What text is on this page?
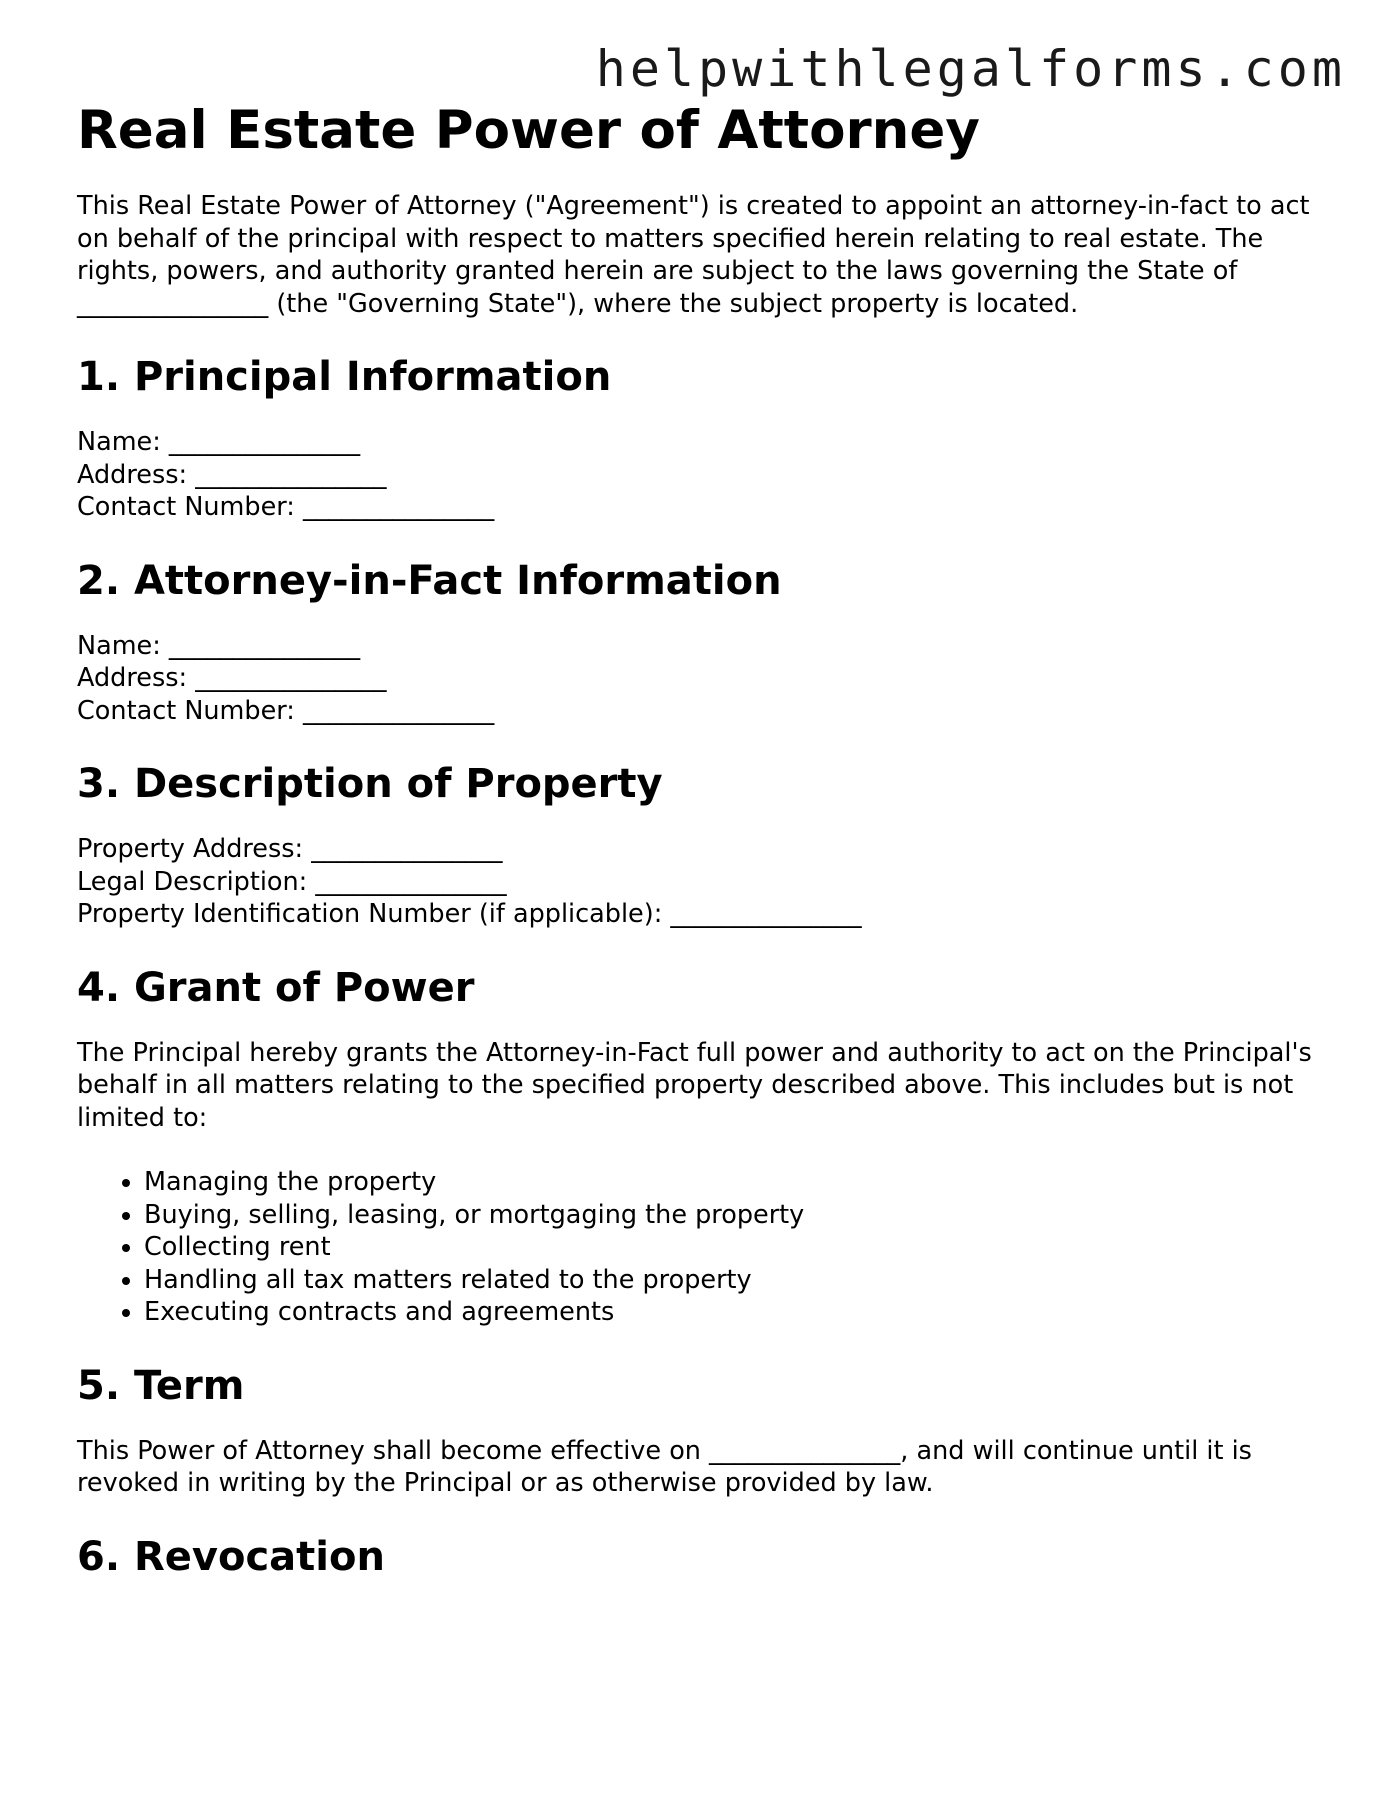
helpwithlegalforms.com
Real Estate Power of Attorney

This Real Estate Power of Attorney ("Agreement") is created to appoint an attorney-in-fact to act on behalf of the principal with respect to matters specified herein relating to real estate. The rights, powers, and authority granted herein are subject to the laws governing the State of _______________ (the "Governing State"), where the subject property is located.

1. Principal Information

Name: _______________
Address: _______________
Contact Number: _______________

2. Attorney-in-Fact Information

Name: _______________
Address: _______________
Contact Number: _______________

3. Description of Property

Property Address: _______________
Legal Description: _______________
Property Identification Number (if applicable): _______________

4. Grant of Power

The Principal hereby grants the Attorney-in-Fact full power and authority to act on the Principal's behalf in all matters relating to the specified property described above. This includes but is not limited to:

• Managing the property
• Buying, selling, leasing, or mortgaging the property
• Collecting rent
• Handling all tax matters related to the property
• Executing contracts and agreements
5. Term

This Power of Attorney shall become effective on _______________, and will continue until it is revoked in writing by the Principal or as otherwise provided by law.

6. Revocation
